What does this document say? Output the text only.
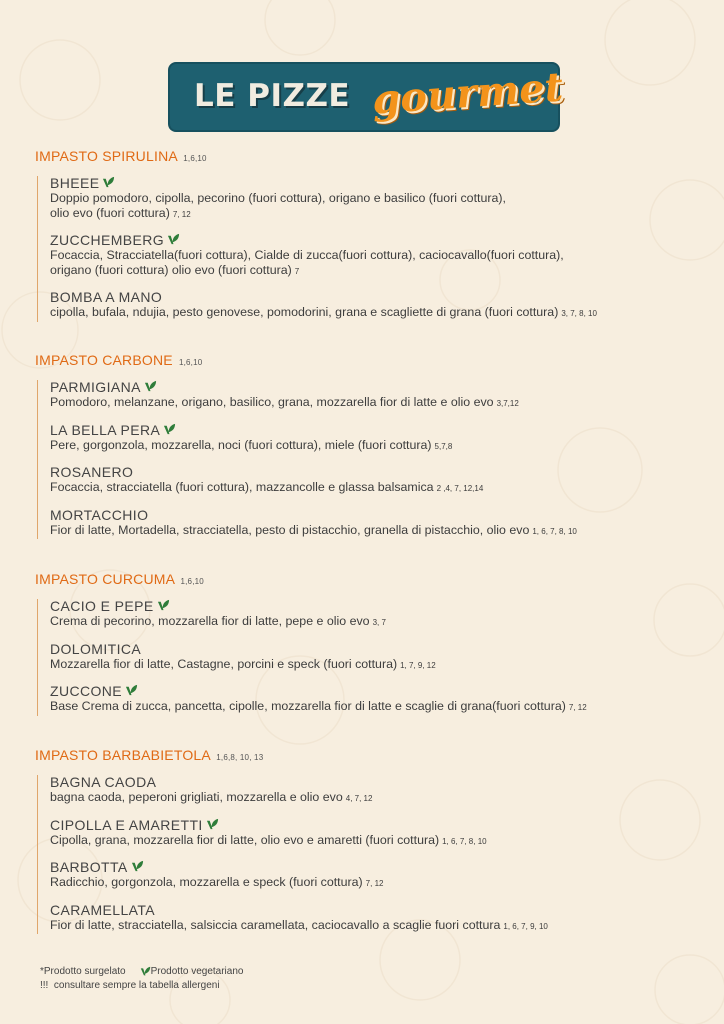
LE PIZZE gourmet
IMPASTO SPIRULINA 1,6,10
BHEEE
Doppio pomodoro, cipolla, pecorino (fuori cottura), origano e basilico (fuori cottura),
olio evo (fuori cottura) 7, 12
ZUCCHEMBERG
Focaccia, Stracciatella(fuori cottura), Cialde di zucca(fuori cottura), caciocavallo(fuori cottura),
origano (fuori cottura) olio evo (fuori cottura) 7
BOMBA A MANO
cipolla, bufala, ndujia, pesto genovese, pomodorini, grana e scagliette di grana (fuori cottura) 3, 7, 8, 10
IMPASTO CARBONE 1,6,10
PARMIGIANA
Pomodoro, melanzane, origano, basilico, grana, mozzarella fior di latte e olio evo 3,7,12
LA BELLA PERA
Pere, gorgonzola, mozzarella, noci (fuori cottura), miele (fuori cottura) 5,7,8
ROSANERO
Focaccia, stracciatella (fuori cottura), mazzancolle e glassa balsamica 2 ,4, 7, 12,14
MORTACCHIO
Fior di latte, Mortadella, stracciatella, pesto di pistacchio, granella di pistacchio, olio evo 1, 6, 7, 8, 10
IMPASTO CURCUMA 1,6,10
CACIO E PEPE
Crema di pecorino, mozzarella fior di latte, pepe e olio evo 3, 7
DOLOMITICA
Mozzarella fior di latte, Castagne, porcini e speck (fuori cottura) 1, 7, 9, 12
ZUCCONE
Base Crema di zucca, pancetta, cipolle, mozzarella fior di latte e scaglie di grana(fuori cottura) 7, 12
IMPASTO BARBABIETOLA 1,6,8, 10, 13
BAGNA CAODA
bagna caoda, peperoni grigliati, mozzarella e olio evo 4, 7, 12
CIPOLLA E AMARETTI
Cipolla, grana, mozzarella fior di latte, olio evo e amaretti (fuori cottura) 1, 6, 7, 8, 10
BARBOTTA
Radicchio, gorgonzola, mozzarella e speck (fuori cottura) 7, 12
CARAMELLATA
Fior di latte, stracciatella, salsiccia caramellata, caciocavallo a scaglie fuori cottura 1, 6, 7, 9, 10
*Prodotto surgelato	Prodotto vegetariano
!!!  consultare sempre la tabella allergeni
